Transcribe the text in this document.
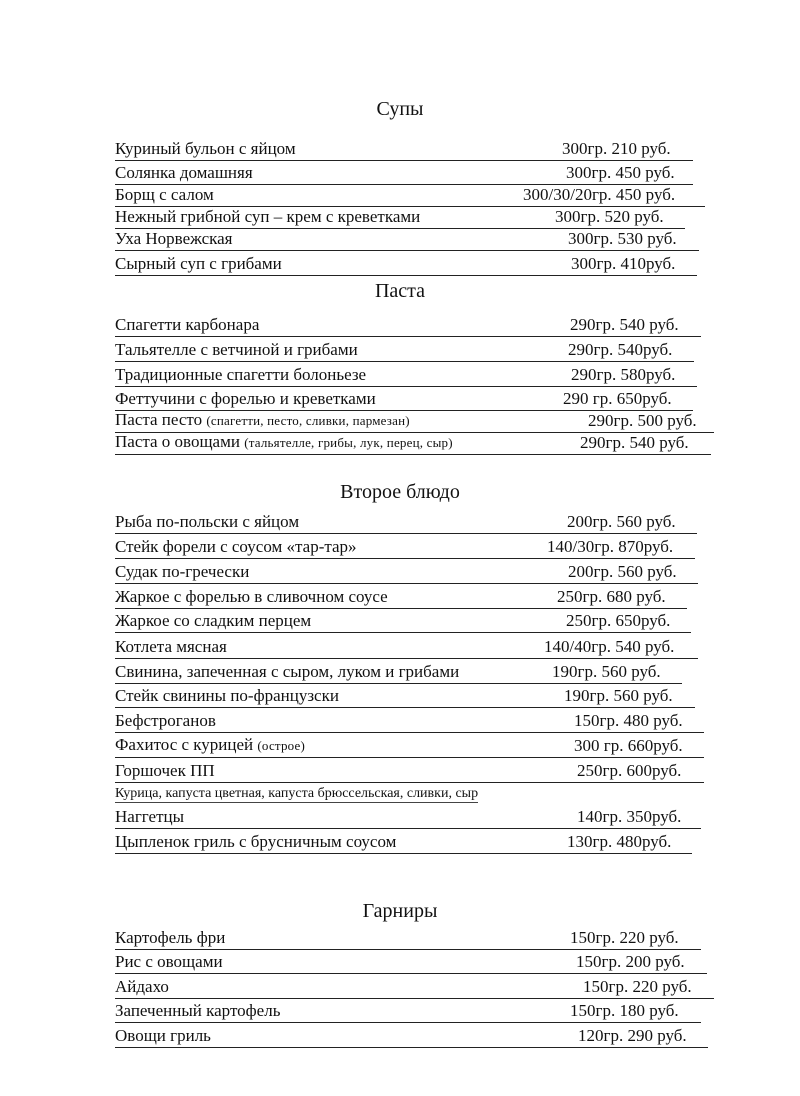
Супы
Куриный бульон с яйцом	300гр. 210 руб.
Солянка домашняя	300гр. 450 руб.
Борщ с салом	300/30/20гр. 450 руб.
Нежный грибной суп – крем с креветками	300гр. 520 руб.
Уха Норвежская	300гр. 530 руб.
Сырный суп с грибами	300гр. 410руб.
Паста
Спагетти карбонара	290гр. 540 руб.
Тальятелле с ветчиной и грибами	290гр. 540руб.
Традиционные спагетти болоньезе	290гр. 580руб.
Феттучини с форелью и креветками	290 гр. 650руб.
Паста песто (спагетти, песто, сливки, пармезан)	290гр. 500 руб.
Паста о овощами (тальятелле, грибы, лук, перец, сыр)	290гр. 540 руб.
Второе блюдо
Рыба по-польски с яйцом	200гр. 560 руб.
Стейк форели с соусом «тар-тар»	140/30гр. 870руб.
Судак по-гречески	200гр. 560 руб.
Жаркое с форелью в сливочном соусе	250гр. 680 руб.
Жаркое со сладким перцем	250гр. 650руб.
Котлета мясная	140/40гр. 540 руб.
Свинина, запеченная с сыром, луком и грибами	190гр. 560 руб.
Стейк свинины по-французски	190гр. 560 руб.
Бефстроганов	150гр. 480 руб.
Фахитос с курицей (острое)	300 гр. 660руб.
Горшочек ПП	250гр. 600руб.
Курица, капуста цветная, капуста брюссельская, сливки, сыр
Наггетцы	140гр. 350руб.
Цыпленок гриль с брусничным соусом	130гр. 480руб.
Гарниры
Картофель фри	150гр. 220 руб.
Рис с овощами	150гр. 200 руб.
Айдахо	150гр. 220 руб.
Запеченный картофель	150гр. 180 руб.
Овощи гриль	120гр. 290 руб.
